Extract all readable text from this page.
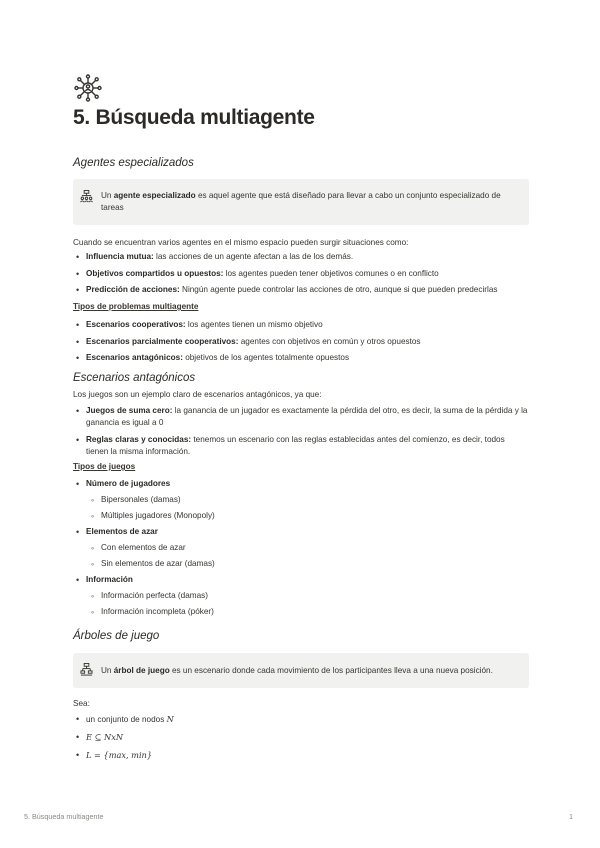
5. Búsqueda multiagente
Agentes especializados
Un agente especializado es aquel agente que está diseñado para llevar a cabo un conjunto especializado de tareas

Cuando se encuentran varios agentes en el mismo espacio pueden surgir situaciones como:

• Influencia mutua: las acciones de un agente afectan a las de los demás.
• Objetivos compartidos u opuestos: los agentes pueden tener objetivos comunes o en conflicto
• Predicción de acciones: Ningún agente puede controlar las acciones de otro, aunque si que pueden predecirlas
Tipos de problemas multiagente
• Escenarios cooperativos: los agentes tienen un mismo objetivo
• Escenarios parcialmente cooperativos: agentes con objetivos en común y otros opuestos
• Escenarios antagónicos: objetivos de los agentes totalmente opuestos
Escenarios antagónicos

Los juegos son un ejemplo claro de escenarios antagónicos, ya que:

• Juegos de suma cero: la ganancia de un jugador es exactamente la pérdida del otro, es decir, la suma de la pérdida y la ganancia es igual a 0
• Reglas claras y conocidas: tenemos un escenario con las reglas establecidas antes del comienzo, es decir, todos tienen la misma información.
Tipos de juegos
• Número de jugadores
◦ Bipersonales (damas)
◦ Múltiples jugadores (Monopoly)
• Elementos de azar
◦ Con elementos de azar
◦ Sin elementos de azar (damas)
• Información
◦ Información perfecta (damas)
◦ Información incompleta (póker)
Árboles de juego
Un árbol de juego es un escenario donde cada movimiento de los participantes lleva a una nueva posición.

Sea:

• un conjunto de nodos N
• E ⊆ NxN
• L = {max, min}
5. Búsqueda multiagente	1
